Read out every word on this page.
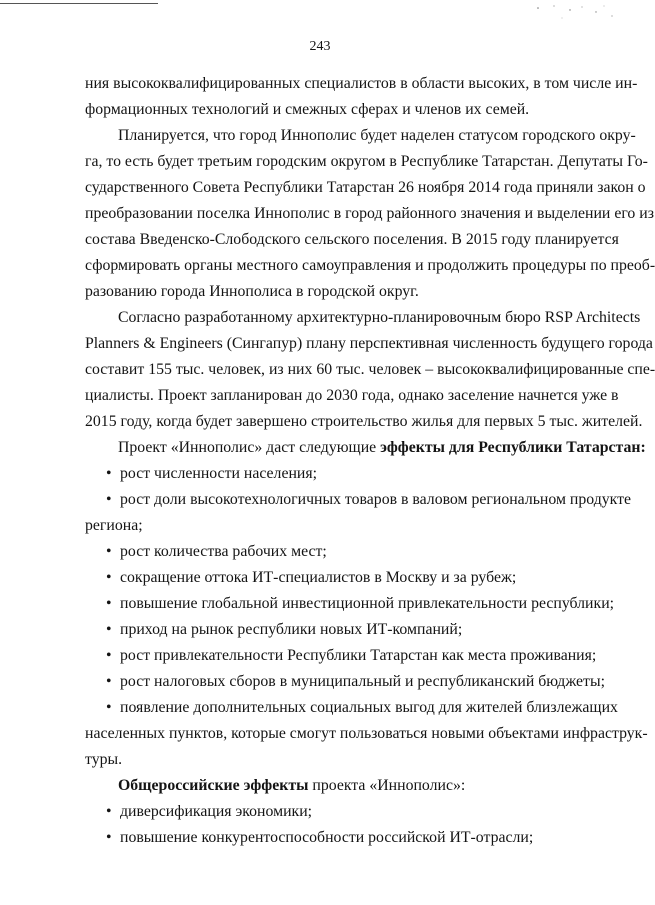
243
ния высококвалифицированных специалистов в области высоких, в том числе ин-
формационных технологий и смежных сферах и членов их семей.
Планируется, что город Иннополис будет наделен статусом городского окру-
га, то есть будет третьим городским округом в Республике Татарстан. Депутаты Го-
сударственного Совета Республики Татарстан 26 ноября 2014 года приняли закон о
преобразовании поселка Иннополис в город районного значения и выделении его из
состава Введенско-Слободского сельского поселения. В 2015 году планируется
сформировать органы местного самоуправления и продолжить процедуры по преоб-
разованию города Иннополиса в городской округ.
Согласно разработанному архитектурно-планировочным бюро RSP Architects
Planners & Engineers (Сингапур) плану перспективная численность будущего города
составит 155 тыс. человек, из них 60 тыс. человек – высококвалифицированные спе-
циалисты. Проект запланирован до 2030 года, однако заселение начнется уже в
2015 году, когда будет завершено строительство жилья для первых 5 тыс. жителей.
Проект «Иннополис» даст следующие эффекты для Республики Татарстан:
• рост численности населения;
• рост доли высокотехнологичных товаров в валовом региональном продукте
региона;
• рост количества рабочих мест;
• сокращение оттока ИТ-специалистов в Москву и за рубеж;
• повышение глобальной инвестиционной привлекательности республики;
• приход на рынок республики новых ИТ-компаний;
• рост привлекательности Республики Татарстан как места проживания;
• рост налоговых сборов в муниципальный и республиканский бюджеты;
• появление дополнительных социальных выгод для жителей близлежащих
населенных пунктов, которые смогут пользоваться новыми объектами инфраструк-
туры.
Общероссийские эффекты проекта «Иннополис»:
• диверсификация экономики;
• повышение конкурентоспособности российской ИТ-отрасли;
